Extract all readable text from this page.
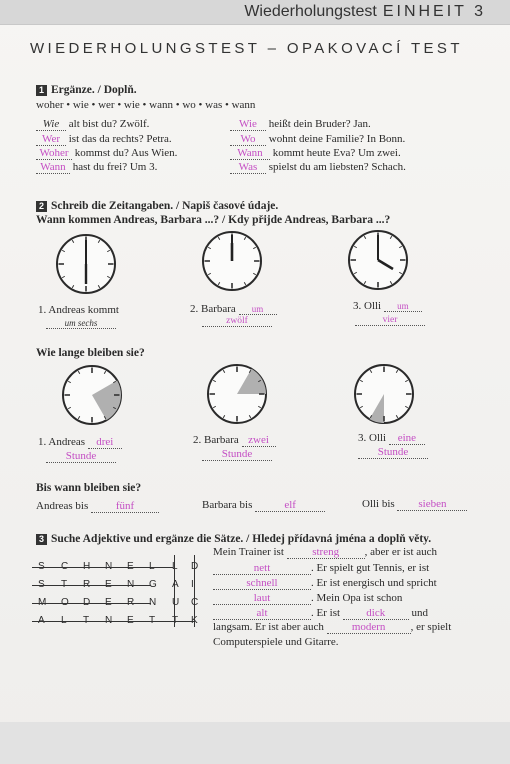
Wiederholungstest EINHEIT 3
WIEDERHOLUNGSTEST – OPAKOVACÍ TEST
1 Ergänze. / Doplň.
woher • wie • wer • wie • wann • wo • was • wann
Wie alt bist du? Zwölf.
Wer ist das da rechts? Petra.
Woher kommst du? Aus Wien.
Wann hast du frei? Um 3.
Wie heißt dein Bruder? Jan.
Wo wohnt deine Familie? In Bonn.
Wann kommt heute Eva? Um zwei.
Was spielst du am liebsten? Schach.
2 Schreib die Zeitangaben. / Napiš časové údaje.
Wann kommen Andreas, Barbara ...? / Kdy přijde Andreas, Barbara ...?
1. Andreas kommt
um sechs
2. Barbara um
zwölf
3. Olli um
vier
Wie lange bleiben sie?
1. Andreas drei
Stunde
2. Barbara zwei
Stunde
3. Olli eine
Stunde
Bis wann bleiben sie?
Andreas bis	fünf	Barbara bis	elf	Olli bis sieben
3 Suche Adjektive und ergänze die Sätze. / Hledej přídavná jména a doplň věty.
S C H N E L L D
S T R E N G A I
M O D E R N U C
A L T N E T T K
Mein Trainer ist streng , aber er ist auch
nett	. Er spielt gut Tennis, er ist
schnell	. Er ist energisch und spricht
laut	. Mein Opa ist schon
alt	. Er ist dick und
langsam. Er ist aber auch modern , er spielt
Computerspiele und Gitarre.
